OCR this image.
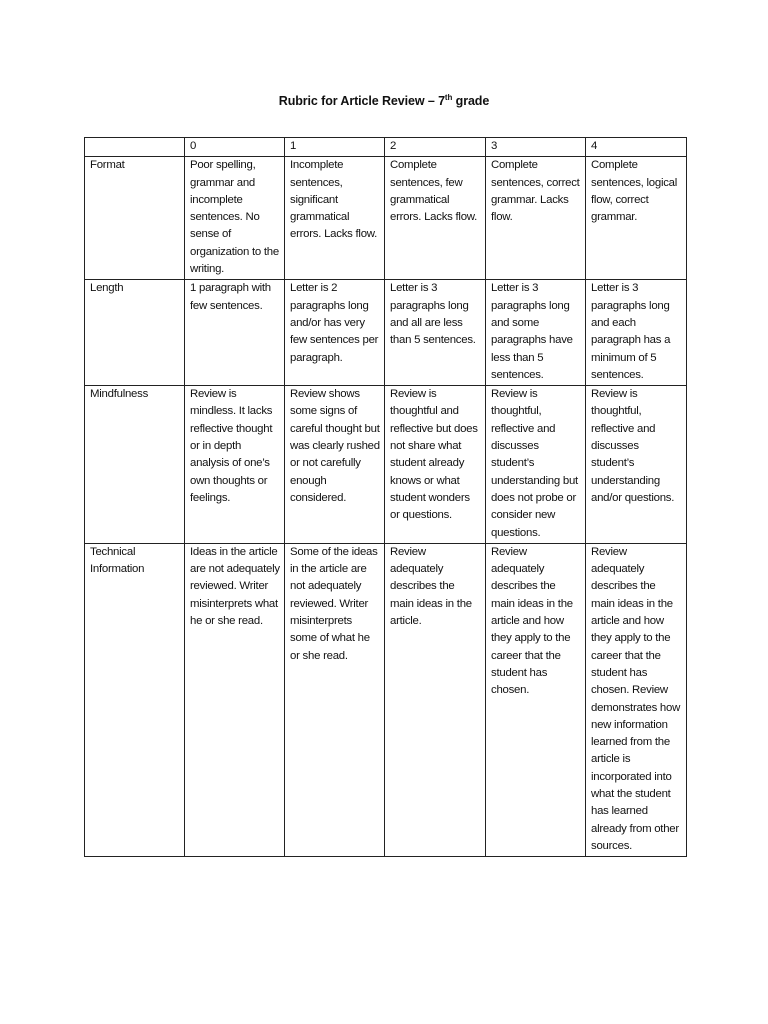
Rubric for Article Review – 7th grade
	0	1	2	3	4
Format	Poor spelling, grammar and incomplete sentences. No sense of organization to the writing.	Incomplete sentences, significant grammatical errors. Lacks flow.	Complete sentences, few grammatical errors. Lacks flow.	Complete sentences, correct grammar. Lacks flow.	Complete sentences, logical flow, correct grammar.
Length	1 paragraph with few sentences.	Letter is 2 paragraphs long and/or has very few sentences per paragraph.	Letter is 3 paragraphs long and all are less than 5 sentences.	Letter is 3 paragraphs long and some paragraphs have less than 5 sentences.	Letter is 3 paragraphs long and each paragraph has a minimum of 5 sentences.
Mindfulness	Review is mindless. It lacks reflective thought or in depth analysis of one’s own thoughts or feelings.	Review shows some signs of careful thought but was clearly rushed or not carefully enough considered.	Review is thoughtful and reflective but does not share what student already knows or what student wonders or questions.	Review is thoughtful, reflective and discusses student’s understanding but does not probe or consider new questions.	Review is thoughtful, reflective and discusses student’s understanding and/or questions.
Technical Information	Ideas in the article are not adequately reviewed. Writer misinterprets what he or she read.	Some of the ideas in the article are not adequately reviewed. Writer misinterprets some of what he or she read.	Review adequately describes the main ideas in the article.	Review adequately describes the main ideas in the article and how they apply to the career that the student has chosen.	Review adequately describes the main ideas in the article and how they apply to the career that the student has chosen. Review demonstrates how new information learned from the article is incorporated into what the student has learned already from other sources.
